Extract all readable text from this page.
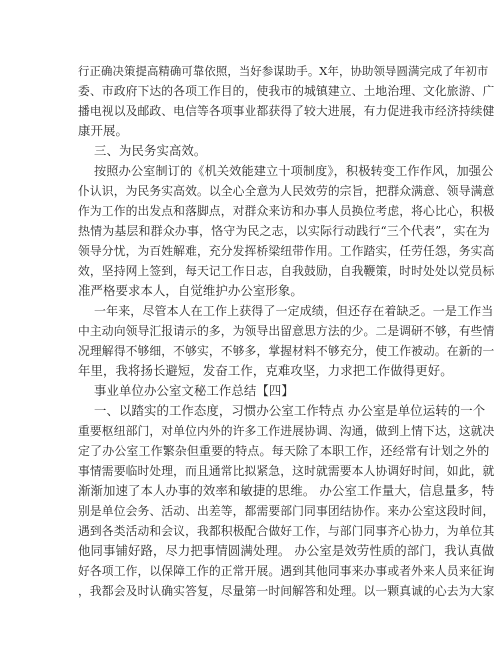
行正确决策提高精确可靠依照，当好参谋助手。X年，协助领导圆满完成了年初市
委、市政府下达的各项工作目的，使我市的城镇建立、土地治理、文化旅游、广
播电视以及邮政、电信等各项事业都获得了较大进展，有力促进我市经济持续健
康开展。
三、为民务实高效。
按照办公室制订的《机关效能建立十项制度》，积极转变工作作风，加强公
仆认识，为民务实高效。以全心全意为人民效劳的宗旨，把群众满意、领导满意
作为工作的出发点和落脚点，对群众来访和办事人员换位考虑，将心比心，积极
热情为基层和群众办事，恪守为民之志，以实际行动践行“三个代表”，实在为
领导分忧，为百姓解难，充分发挥桥梁纽带作用。工作踏实，任劳任怨，务实高
效，坚持网上签到，每天记工作日志，自我鼓励，自我鞭策，时时处处以党员标
准严格要求本人，自觉维护办公室形象。
一年来，尽管本人在工作上获得了一定成绩，但还存在着缺乏。一是工作当
中主动向领导汇报请示的多，为领导出留意思方法的少。二是调研不够，有些情
况理解得不够细，不够实，不够多，掌握材料不够充分，使工作被动。在新的一
年里，我将扬长避短，发奋工作，克难攻坚，力求把工作做得更好。
事业单位办公室文秘工作总结【四】
一、以踏实的工作态度，习惯办公室工作特点 办公室是单位运转的一个
重要枢纽部门，对单位内外的许多工作进展协调、沟通，做到上情下达，这就决
定了办公室工作繁杂但重要的特点。每天除了本职工作，还经常有计划之外的
事情需要临时处理，而且通常比拟紧急，这时就需要本人协调好时间，如此，就
渐渐加速了本人办事的效率和敏捷的思维。 办公室工作量大，信息量多，特
别是单位会务、活动、出差等，都需要部门同事团结协作。来办公室这段时间，
遇到各类活动和会议，我都积极配合做好工作，与部门同事齐心协力，为单位其
他同事铺好路，尽力把事情圆满处理。 办公室是效劳性质的部门，我认真做
好各项工作，以保障工作的正常开展。遇到其他同事来办事或者外来人员来征询
，我都会及时认确实答复，尽量第一时间解答和处理。以一颗真诚的心去为大家
